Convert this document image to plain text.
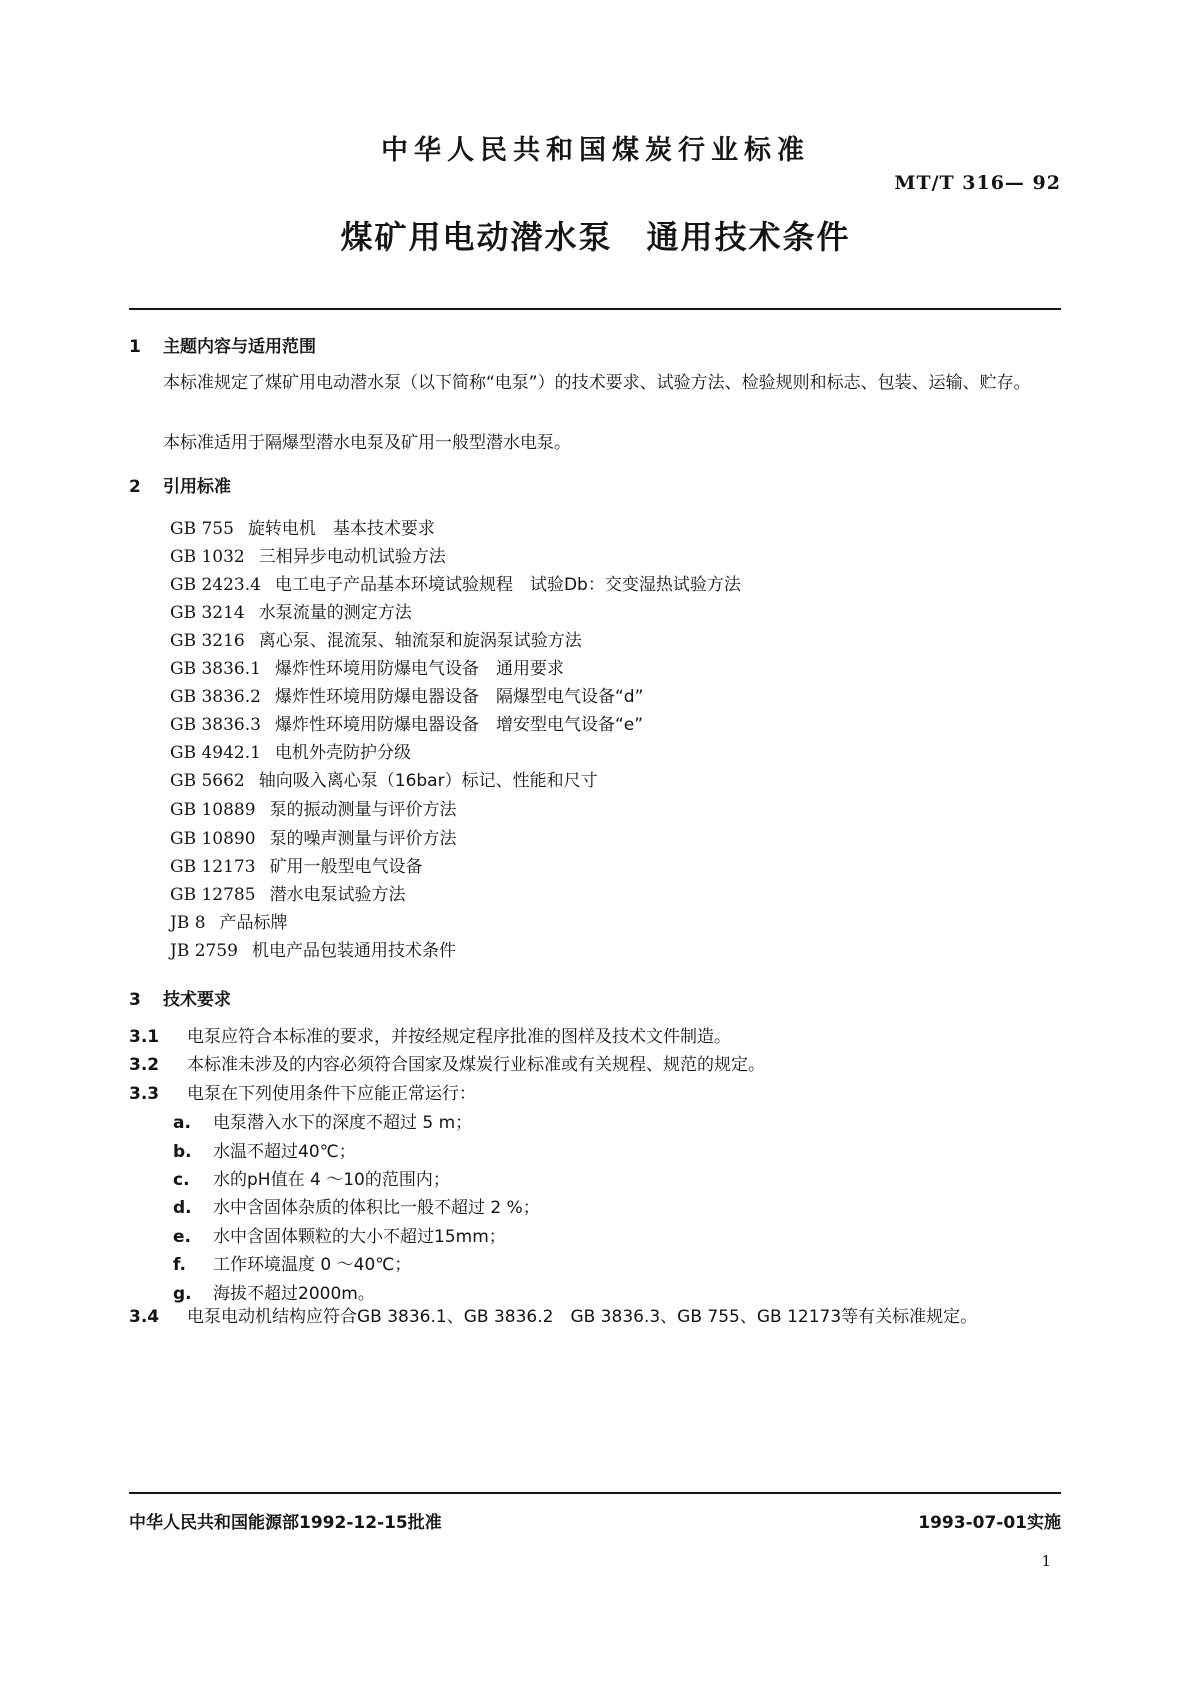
中华人民共和国煤炭行业标准
MT/T 316— 92
煤矿用电动潜水泵　通用技术条件
1 主题内容与适用范围
本标准规定了煤矿用电动潜水泵（以下简称“电泵”）的技术要求、试验方法、检验规则和标志、包装、运输、贮存。
本标准适用于隔爆型潜水电泵及矿用一般型潜水电泵。
2 引用标准
GB 755 旋转电机　基本技术要求
GB 1032 三相异步电动机试验方法
GB 2423.4 电工电子产品基本环境试验规程　试验Db：交变湿热试验方法
GB 3214 水泵流量的测定方法
GB 3216 离心泵、混流泵、轴流泵和旋涡泵试验方法
GB 3836.1 爆炸性环境用防爆电气设备　通用要求
GB 3836.2 爆炸性环境用防爆电器设备　隔爆型电气设备“d”
GB 3836.3 爆炸性环境用防爆电器设备　增安型电气设备“e”
GB 4942.1 电机外壳防护分级
GB 5662 轴向吸入离心泵（16bar）标记、性能和尺寸
GB 10889 泵的振动测量与评价方法
GB 10890 泵的噪声测量与评价方法
GB 12173 矿用一般型电气设备
GB 12785 潜水电泵试验方法
JB 8 产品标牌
JB 2759 机电产品包装通用技术条件
3 技术要求
3.1 电泵应符合本标准的要求，并按经规定程序批准的图样及技术文件制造。
3.2 本标准未涉及的内容必须符合国家及煤炭行业标准或有关规程、规范的规定。
3.3 电泵在下列使用条件下应能正常运行：
a. 电泵潜入水下的深度不超过 5 m；
b. 水温不超过40℃；
c. 水的pH值在 4 ～10的范围内；
d. 水中含固体杂质的体积比一般不超过 2 %；
e. 水中含固体颗粒的大小不超过15mm；
f. 工作环境温度 0 ～40℃；
g. 海拔不超过2000m。
3.4 电泵电动机结构应符合GB 3836.1、GB 3836.2　GB 3836.3、GB 755、GB 12173等有关标准规定。
中华人民共和国能源部1992-12-15批准	1993-07-01实施
1
